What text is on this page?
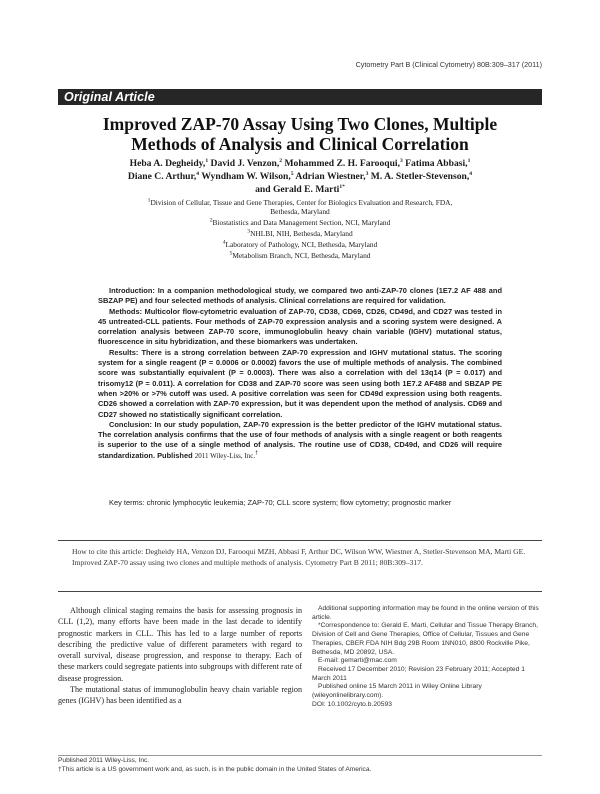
Cytometry Part B (Clinical Cytometry) 80B:309–317 (2011)
Original Article
Improved ZAP-70 Assay Using Two Clones, Multiple
Methods of Analysis and Clinical Correlation

Heba A. Degheidy,$^1$ David J. Venzon,$^2$ Mohammed Z. H. Farooqui,$^3$ Fatima Abbasi,$^1$

Diane C. Arthur,$^4$ Wyndham W. Wilson,$^5$ Adrian Wiestner,$^3$ M. A. Stetler-Stevenson,$^4$

and Gerald E. Marti$^{1*}$

$^1$Division of Cellular, Tissue and Gene Therapies, Center for Biologics Evaluation and Research, FDA,

Bethesda, Maryland

$^2$Biostatistics and Data Management Section, NCI, Maryland

$^3$NHLBI, NIH, Bethesda, Maryland

$^4$Laboratory of Pathology, NCI, Bethesda, Maryland

$^5$Metabolism Branch, NCI, Bethesda, Maryland

Introduction: In a companion methodological study, we compared two anti-ZAP-70 clones (1E7.2 AF 488 and SBZAP PE) and four selected methods of analysis. Clinical correlations are required for validation.

Methods: Multicolor flow-cytometric evaluation of ZAP-70, CD38, CD69, CD26, CD49d, and CD27 was tested in 45 untreated-CLL patients. Four methods of ZAP-70 expression analysis and a scoring system were designed. A correlation analysis between ZAP-70 score, immunoglobulin heavy chain variable (IGHV) mutational status, fluorescence in situ hybridization, and these biomarkers was undertaken.

Results: There is a strong correlation between ZAP-70 expression and IGHV mutational status. The scoring system for a single reagent (P = 0.0006 or 0.0002) favors the use of multiple methods of analysis. The combined score was substantially equivalent (P = 0.0003). There was also a correlation with del 13q14 (P = 0.017) and trisomy12 (P = 0.011). A correlation for CD38 and ZAP-70 score was seen using both 1E7.2 AF488 and SBZAP PE when >20% or >7% cutoff was used. A positive correlation was seen for CD49d expression using both reagents. CD26 showed a correlation with ZAP-70 expression, but it was dependent upon the method of analysis. CD69 and CD27 showed no statistically significant correlation.

Conclusion: In our study population, ZAP-70 expression is the better predictor of the IGHV mutational status. The correlation analysis confirms that the use of four methods of analysis with a single reagent or both reagents is superior to the use of a single method of analysis. The routine use of CD38, CD49d, and CD26 will require standardization. Published 2011 Wiley-Liss, Inc.†

Key terms: chronic lymphocytic leukemia; ZAP-70; CLL score system; flow cytometry; prognostic marker
How to cite this article: Degheidy HA, Venzon DJ, Farooqui MZH, Abbasi F, Arthur DC, Wilson WW, Wiestner A, Stetler-Stevenson MA, Marti GE. Improved ZAP-70 assay using two clones and multiple methods of analysis. Cytometry Part B 2011; 80B:309–317.

Although clinical staging remains the basis for assessing prognosis in CLL (1,2), many efforts have been made in the last decade to identify prognostic markers in CLL. This has led to a large number of reports describing the predictive value of different parameters with regard to overall survival, disease progression, and response to therapy. Each of these markers could segregate patients into subgroups with different rate of disease progression.

The mutational status of immunoglobulin heavy chain variable region genes (IGHV) has been identified as a

Additional supporting information may be found in the online version of this article.

*Correspondence to: Gerald E. Marti, Cellular and Tissue Therapy Branch, Division of Cell and Gene Therapies, Office of Cellular, Tissues and Gene Therapies, CBER FDA NIH Bdg 29B Room 1NN010, 8800 Rockville Pike, Bethesda, MD 20892, USA.

E-mail: gemarti@mac.com

Received 17 December 2010; Revision 23 February 2011; Accepted 1 March 2011

Published online 15 March 2011 in Wiley Online Library (wileyonlinelibrary.com).

DOI: 10.1002/cyto.b.20593

Published 2011 Wiley-Liss, Inc.
†This article is a US government work and, as such, is in the public domain in the United States of America.
